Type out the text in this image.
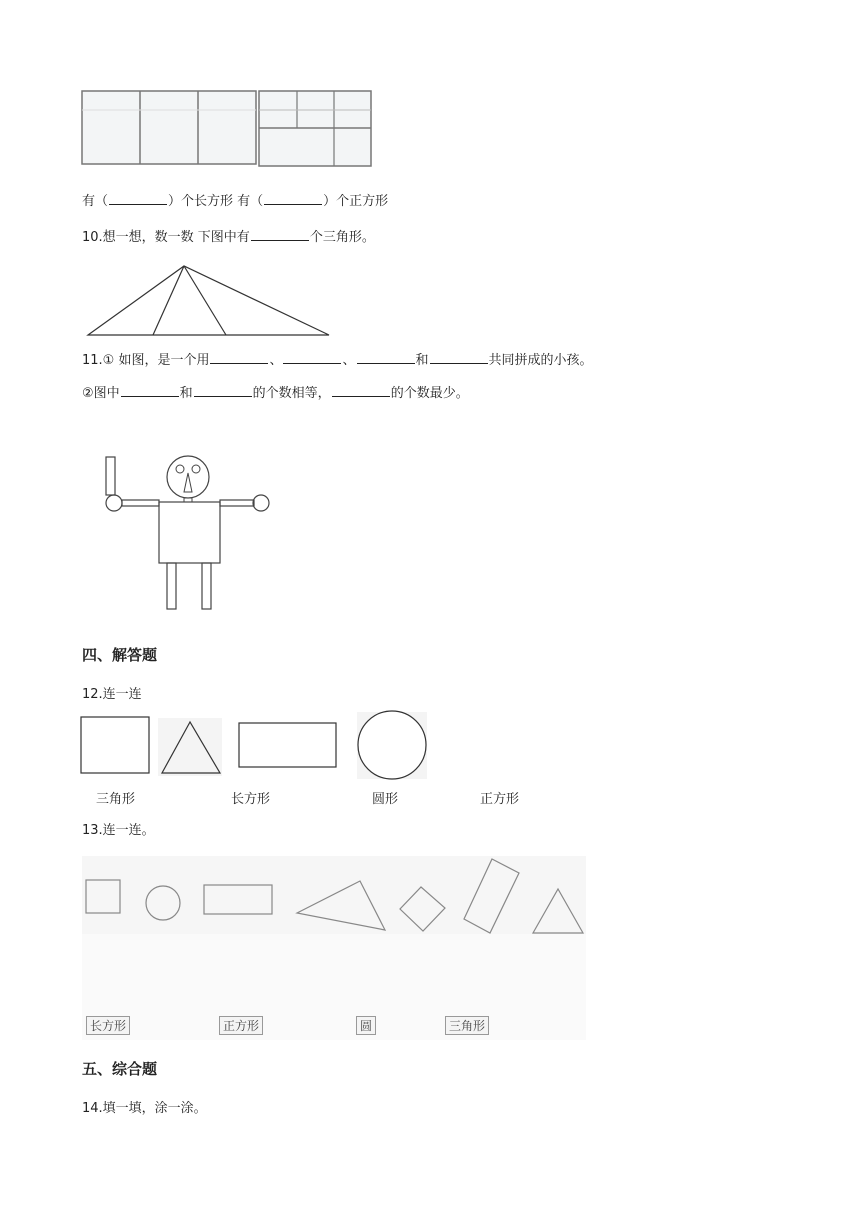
有（	）个长方形 有（	）个正方形
10.想一想，数一数 下图中有	个三角形。
11.① 如图，是一个用	、	、	和	共同拼成的小孩。
②图中	和	的个数相等，	的个数最少。
四、解答题
12.连一连
三角形	长方形	圆形	正方形
13.连一连。
长方形	正方形	圆	三角形
五、综合题
14.填一填，涂一涂。
